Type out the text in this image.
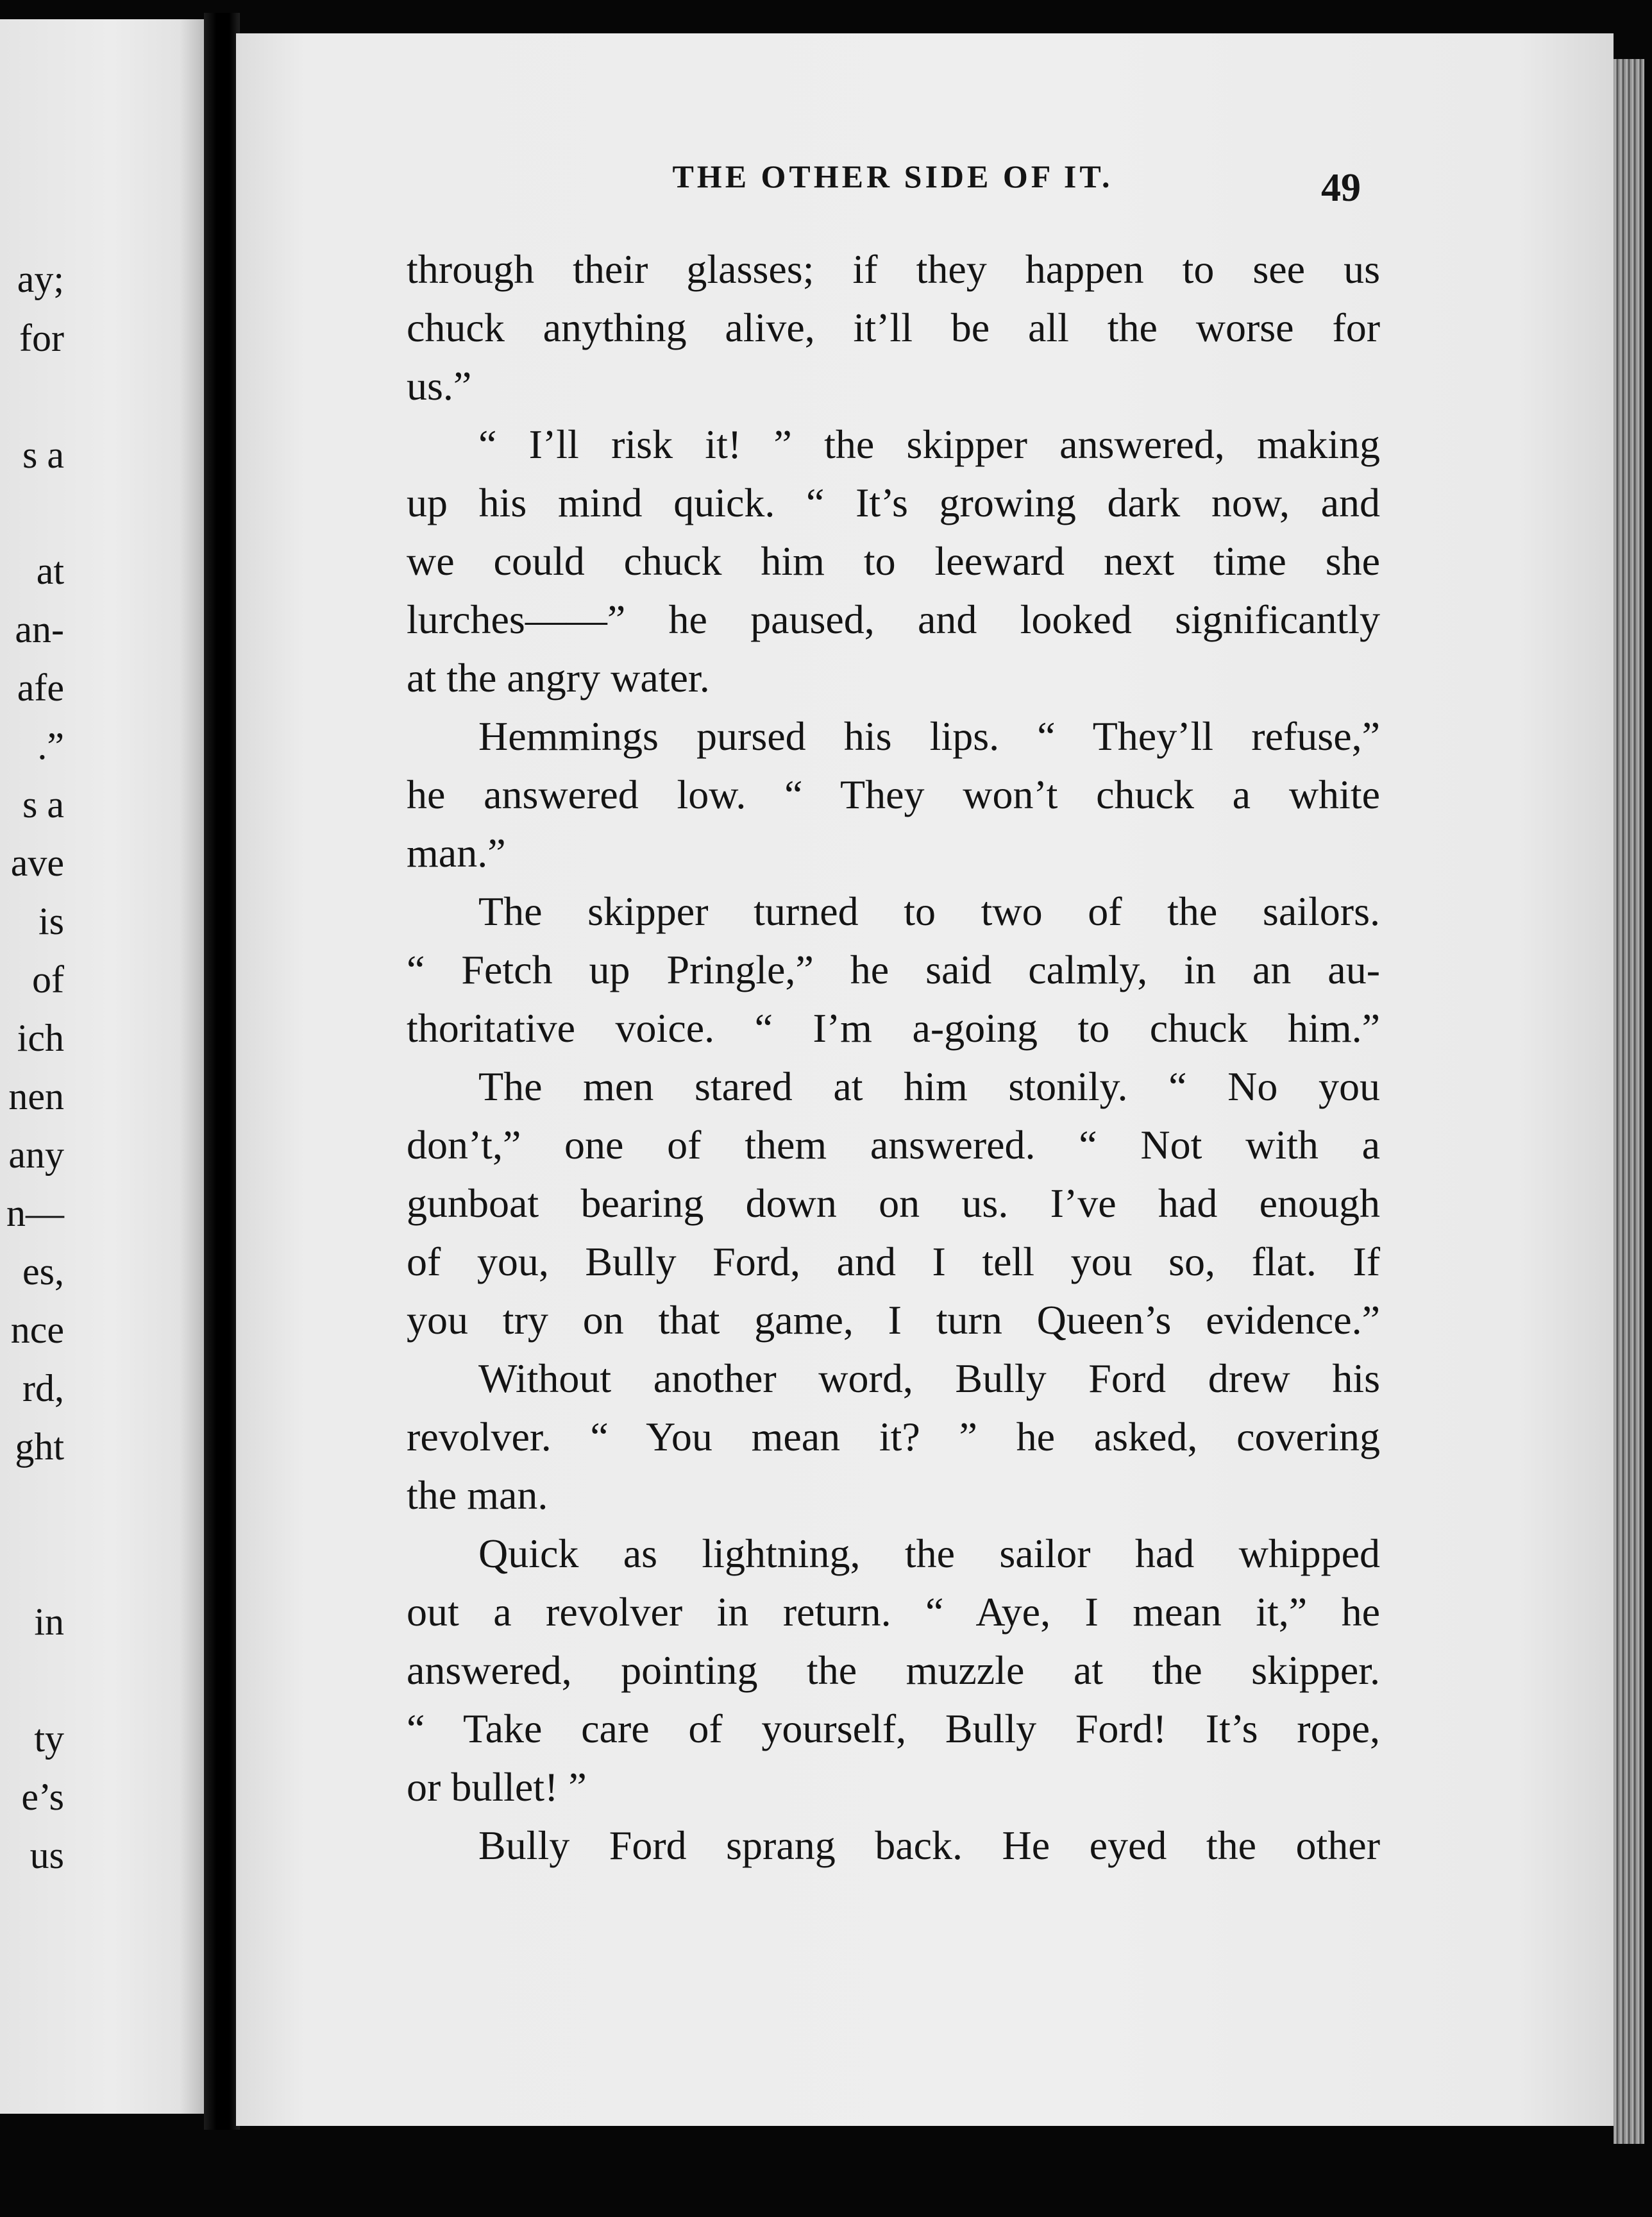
ay;
for
s a
at
an-
afe
.”
s a
ave
is
of
ich
nen
any
n—
es,
nce
rd,
ght
in
ty
e’s
us
THE OTHER SIDE OF IT.	49
through their glasses; if they happen to see us
chuck anything alive, it’ll be all the worse for
us.”
“ I’ll risk it! ” the skipper answered, making
up his mind quick. “ It’s growing dark now, and
we could chuck him to leeward next time she
lurches——” he paused, and looked significantly
at the angry water.
Hemmings pursed his lips. “ They’ll refuse,”
he answered low. “ They won’t chuck a white
man.”
The skipper turned to two of the sailors.
“ Fetch up Pringle,” he said calmly, in an au-
thoritative voice. “ I’m a-going to chuck him.”
The men stared at him stonily. “ No you
don’t,” one of them answered. “ Not with a
gunboat bearing down on us. I’ve had enough
of you, Bully Ford, and I tell you so, flat. If
you try on that game, I turn Queen’s evidence.”
Without another word, Bully Ford drew his
revolver. “ You mean it? ” he asked, covering
the man.
Quick as lightning, the sailor had whipped
out a revolver in return. “ Aye, I mean it,” he
answered, pointing the muzzle at the skipper.
“ Take care of yourself, Bully Ford! It’s rope,
or bullet! ”
Bully Ford sprang back. He eyed the other
